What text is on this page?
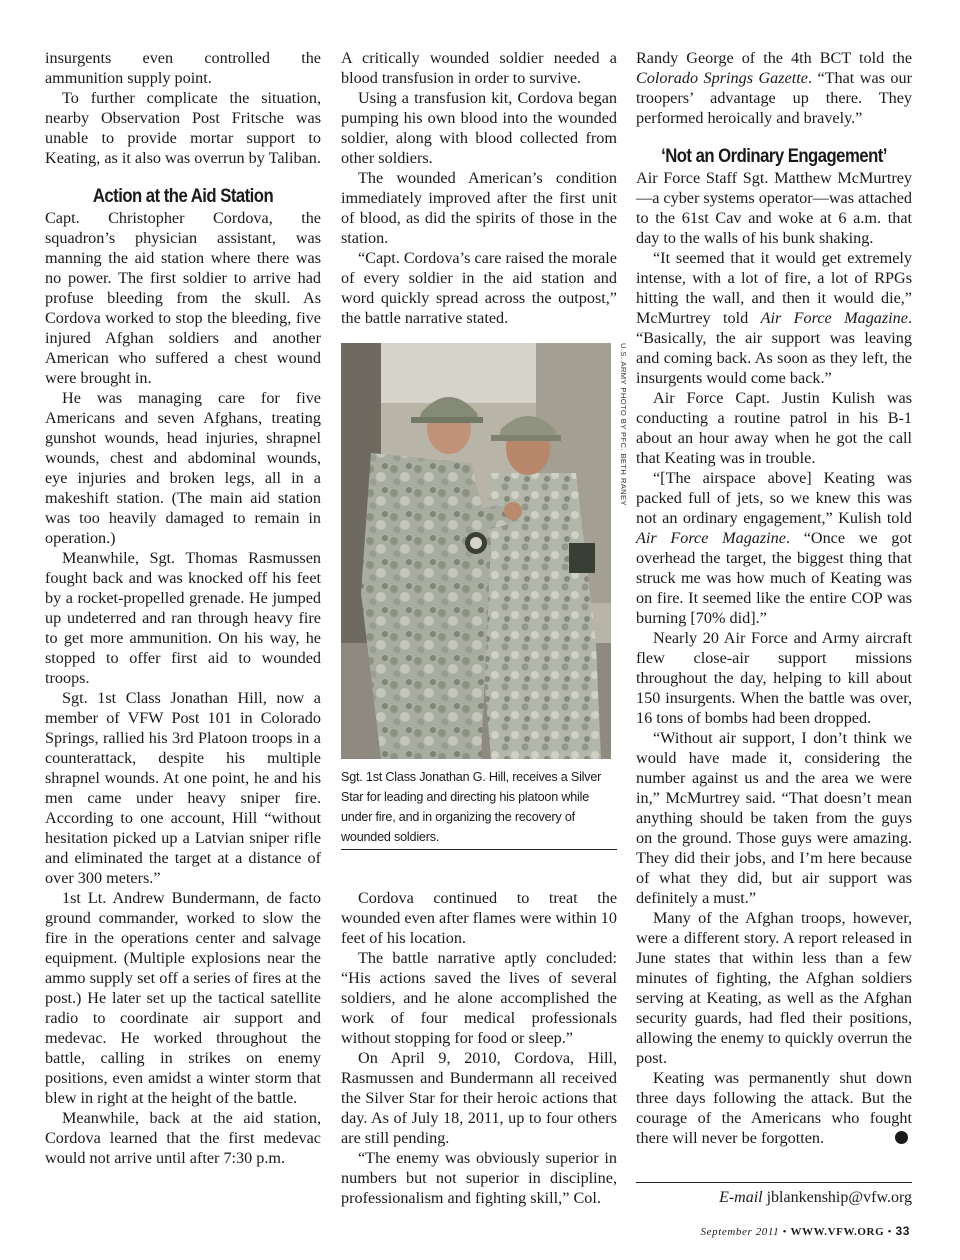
insurgents even controlled the ammunition supply point.

To further complicate the situation, nearby Observation Post Fritsche was unable to provide mortar support to Keating, as it also was overrun by Taliban.

Action at the Aid Station

Capt. Christopher Cordova, the squadron’s physician assistant, was manning the aid station where there was no power. The first soldier to arrive had profuse bleeding from the skull. As Cordova worked to stop the bleeding, five injured Afghan soldiers and another American who suffered a chest wound were brought in.

He was managing care for five Americans and seven Afghans, treating gunshot wounds, head injuries, shrapnel wounds, chest and abdominal wounds, eye injuries and broken legs, all in a makeshift station. (The main aid station was too heavily damaged to remain in operation.)

Meanwhile, Sgt. Thomas Rasmussen fought back and was knocked off his feet by a rocket-propelled grenade. He jumped up undeterred and ran through heavy fire to get more ammunition. On his way, he stopped to offer first aid to wounded troops.

Sgt. 1st Class Jonathan Hill, now a member of VFW Post 101 in Colorado Springs, rallied his 3rd Platoon troops in a counterattack, despite his multiple shrapnel wounds. At one point, he and his men came under heavy sniper fire. According to one account, Hill “without hesitation picked up a Latvian sniper rifle and eliminated the target at a distance of over 300 meters.”

1st Lt. Andrew Bundermann, de facto ground commander, worked to slow the fire in the operations center and salvage equipment. (Multiple explosions near the ammo supply set off a series of fires at the post.) He later set up the tactical satellite radio to coordinate air support and medevac. He worked throughout the battle, calling in strikes on enemy positions, even amidst a winter storm that blew in right at the height of the battle.

Meanwhile, back at the aid station, Cordova learned that the first medevac would not arrive until after 7:30 p.m.

A critically wounded soldier needed a blood transfusion in order to survive.

Using a transfusion kit, Cordova began pumping his own blood into the wounded soldier, along with blood collected from other soldiers.

The wounded American’s condition immediately improved after the first unit of blood, as did the spirits of those in the station.

“Capt. Cordova’s care raised the morale of every soldier in the aid station and word quickly spread across the outpost,” the battle narrative stated.

Sgt. 1st Class Jonathan G. Hill, receives a Silver Star for leading and directing his platoon while under fire, and in organizing the recovery of wounded soldiers.
U.S. ARMY PHOTO BY PFC. BETH RANEY

Cordova continued to treat the wounded even after flames were within 10 feet of his location.

The battle narrative aptly concluded: “His actions saved the lives of several soldiers, and he alone accomplished the work of four medical professionals without stopping for food or sleep.”

On April 9, 2010, Cordova, Hill, Rasmussen and Bundermann all received the Silver Star for their heroic actions that day. As of July 18, 2011, up to four others are still pending.

“The enemy was obviously superior in numbers but not superior in discipline, professionalism and fighting skill,” Col.

Randy George of the 4th BCT told the Colorado Springs Gazette. “That was our troopers’ advantage up there. They performed heroically and bravely.”

‘Not an Ordinary Engagement’

Air Force Staff Sgt. Matthew McMurtrey—a cyber systems operator—was attached to the 61st Cav and woke at 6 a.m. that day to the walls of his bunk shaking.

“It seemed that it would get extremely intense, with a lot of fire, a lot of RPGs hitting the wall, and then it would die,” McMurtrey told Air Force Magazine. “Basically, the air support was leaving and coming back. As soon as they left, the insurgents would come back.”

Air Force Capt. Justin Kulish was conducting a routine patrol in his B-1 about an hour away when he got the call that Keating was in trouble.

“[The airspace above] Keating was packed full of jets, so we knew this was not an ordinary engagement,” Kulish told Air Force Magazine. “Once we got overhead the target, the biggest thing that struck me was how much of Keating was on fire. It seemed like the entire COP was burning [70% did].”

Nearly 20 Air Force and Army aircraft flew close-air support missions throughout the day, helping to kill about 150 insurgents. When the battle was over, 16 tons of bombs had been dropped.

“Without air support, I don’t think we would have made it, considering the number against us and the area we were in,” McMurtrey said. “That doesn’t mean anything should be taken from the guys on the ground. Those guys were amazing. They did their jobs, and I’m here because of what they did, but air support was definitely a must.”

Many of the Afghan troops, however, were a different story. A report released in June states that within less than a few minutes of fighting, the Afghan soldiers serving at Keating, as well as the Afghan security guards, had fled their positions, allowing the enemy to quickly overrun the post.

Keating was permanently shut down three days following the attack. But the courage of the Americans who fought there will never be forgotten.	✪

E-mail jblankenship@vfw.org
September 2011 • WWW.VFW.ORG • 33
